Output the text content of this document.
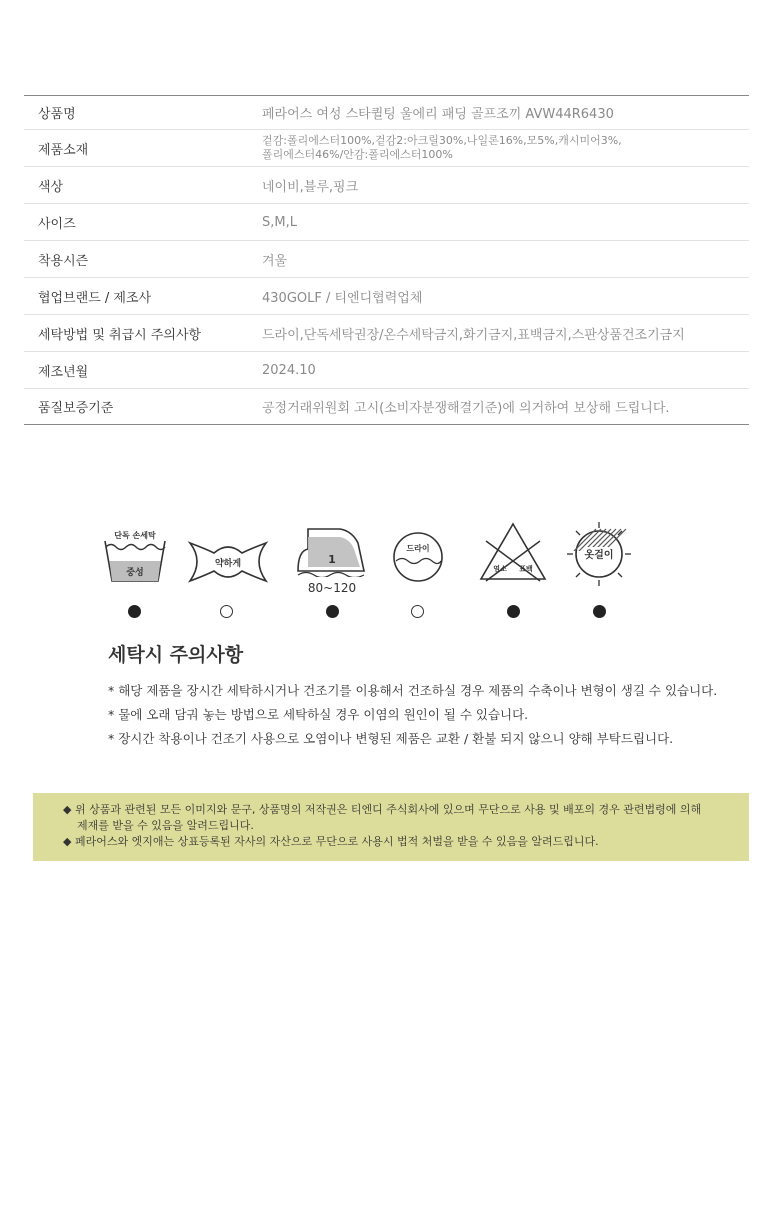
상품명	페라어스 여성 스타퀼팅 울에리 패딩 골프조끼 AVW44R6430
제품소재	겉감:폴리에스터100%,겉감2:아크릴30%,나일론16%,모5%,캐시미어3%,
폴리에스터46%/안감:폴리에스터100%

색상	네이비,블루,핑크
사이즈	S,M,L
착용시즌	겨울
협업브랜드 / 제조사	430GOLF / 티엔디협력업체
세탁방법 및 취급시 주의사항	드라이,단독세탁권장/온수세탁금지,화기금지,표백금지,스판상품건조기금지
제조년월	2024.10
품질보증기준	공정거래위원회 고시(소비자분쟁해결기준)에 의거하여 보상해 드립니다.
단독 손세탁
중성
약하게	1
80~120
드라이
염소 표백
옷걸이
세탁시 주의사항

* 해당 제품을 장시간 세탁하시거나 건조기를 이용해서 건조하실 경우 제품의 수축이나 변형이 생길 수 있습니다.

* 물에 오래 담궈 놓는 방법으로 세탁하실 경우 이염의 원인이 될 수 있습니다.

* 장시간 착용이나 건조기 사용으로 오염이나 변형된 제품은 교환 / 환불 되지 않으니 양해 부탁드립니다.

◆ 위 상품과 관련된 모든 이미지와 문구, 상품명의 저작권은 티엔디 주식회사에 있으며 무단으로 사용 및 배포의 경우 관련법령에 의해

제재를 받을 수 있음을 알려드립니다.

◆ 페라어스와 엣지애는 상표등록된 자사의 자산으로 무단으로 사용시 법적 처벌을 받을 수 있음을 알려드립니다.
